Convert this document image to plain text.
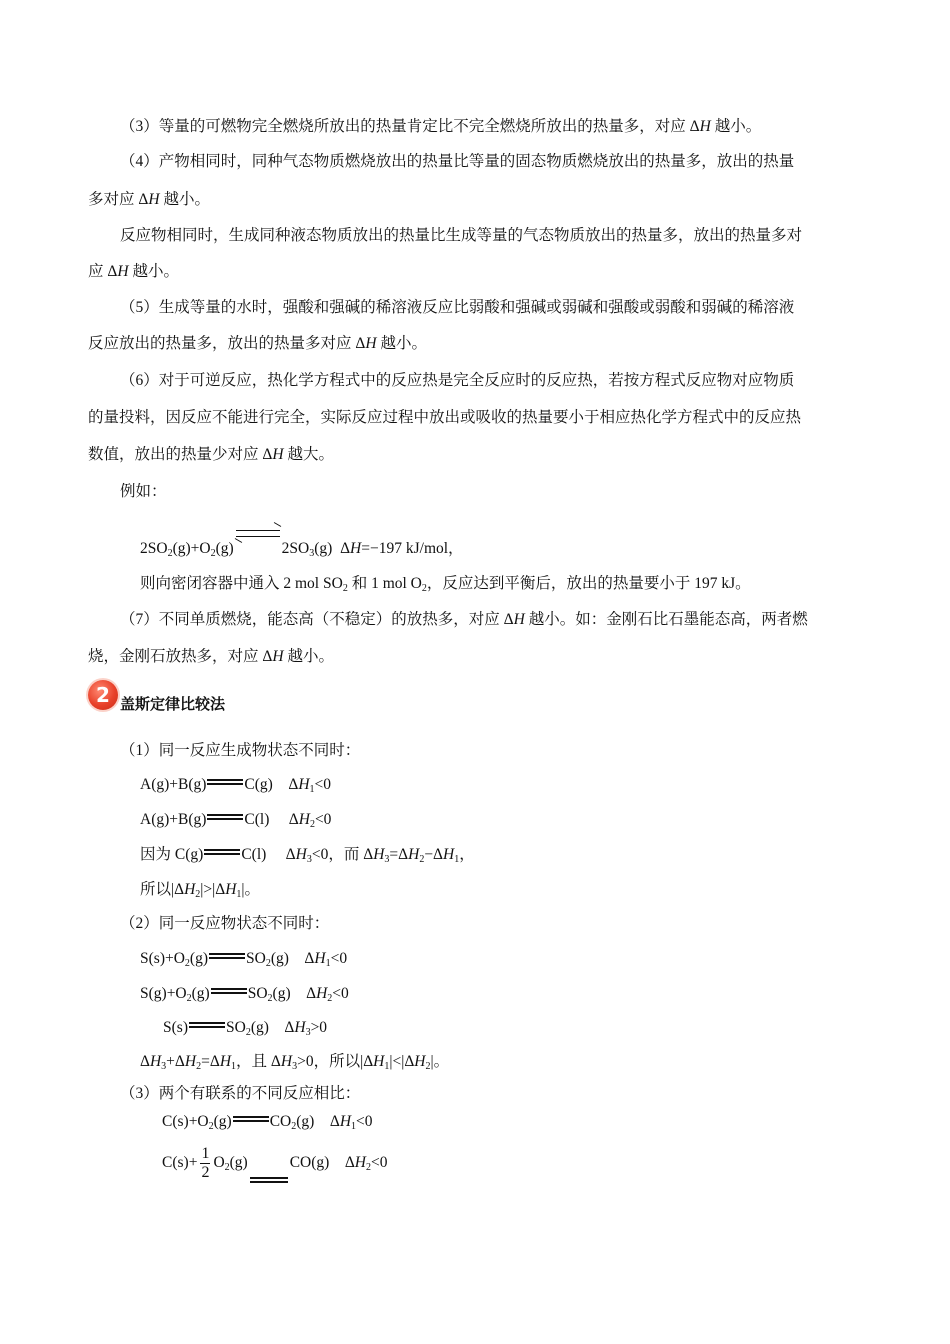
（3）等量的可燃物完全燃烧所放出的热量肯定比不完全燃烧所放出的热量多，对应 ΔH 越小。
（4）产物相同时，同种气态物质燃烧放出的热量比等量的固态物质燃烧放出的热量多，放出的热量
多对应 ΔH 越小。
反应物相同时，生成同种液态物质放出的热量比生成等量的气态物质放出的热量多，放出的热量多对
应 ΔH 越小。
（5）生成等量的水时，强酸和强碱的稀溶液反应比弱酸和强碱或弱碱和强酸或弱酸和弱碱的稀溶液
反应放出的热量多，放出的热量多对应 ΔH 越小。
（6）对于可逆反应，热化学方程式中的反应热是完全反应时的反应热，若按方程式反应物对应物质
的量投料，因反应不能进行完全，实际反应过程中放出或吸收的热量要小于相应热化学方程式中的反应热
数值，放出的热量少对应 ΔH 越大。
例如：
$2SO_2(g)+O_2(g)$	$2SO_3(g)$  ΔH=−197 kJ/mol，
则向密闭容器中通入 2 mol $SO_2$ 和 1 mol $O_2$，反应达到平衡后，放出的热量要小于 197 kJ。
（7）不同单质燃烧，能态高（不稳定）的放热多，对应 ΔH 越小。如：金刚石比石墨能态高，两者燃
烧，金刚石放热多，对应 ΔH 越小。
2 盖斯定律比较法
（1）同一反应生成物状态不同时：
A(g)+B(g) C(g)    $\Delta H_1<0$
A(g)+B(g) C(l)     $\Delta H_2<0$
因为 C(g) C(l)     $\Delta H_3<0$，而 $\Delta H_3=\Delta H_2-\Delta H_1$，
所以$|\Delta H_2|>|\Delta H_1|$。
（2）同一反应物状态不同时：
$S(s)+O_2(g)$ $SO_2(g)$    $\Delta H_1<0$
$S(g)+O_2(g)$ $SO_2(g)$    $\Delta H_2<0$
S(s) $SO_2(g)$    $\Delta H_3>0$
$\Delta H_3+\Delta H_2=\Delta H_1$，且 $\Delta H_3>0$，所以$|\Delta H_1|<|\Delta H_2|$。
（3）两个有联系的不同反应相比：
$C(s)+O_2(g)$ $CO_2(g)$    $\Delta H_1<0$
$C(s)+ \frac{1}{2} O_2(g)$	CO(g)    $\Delta H_2<0$
